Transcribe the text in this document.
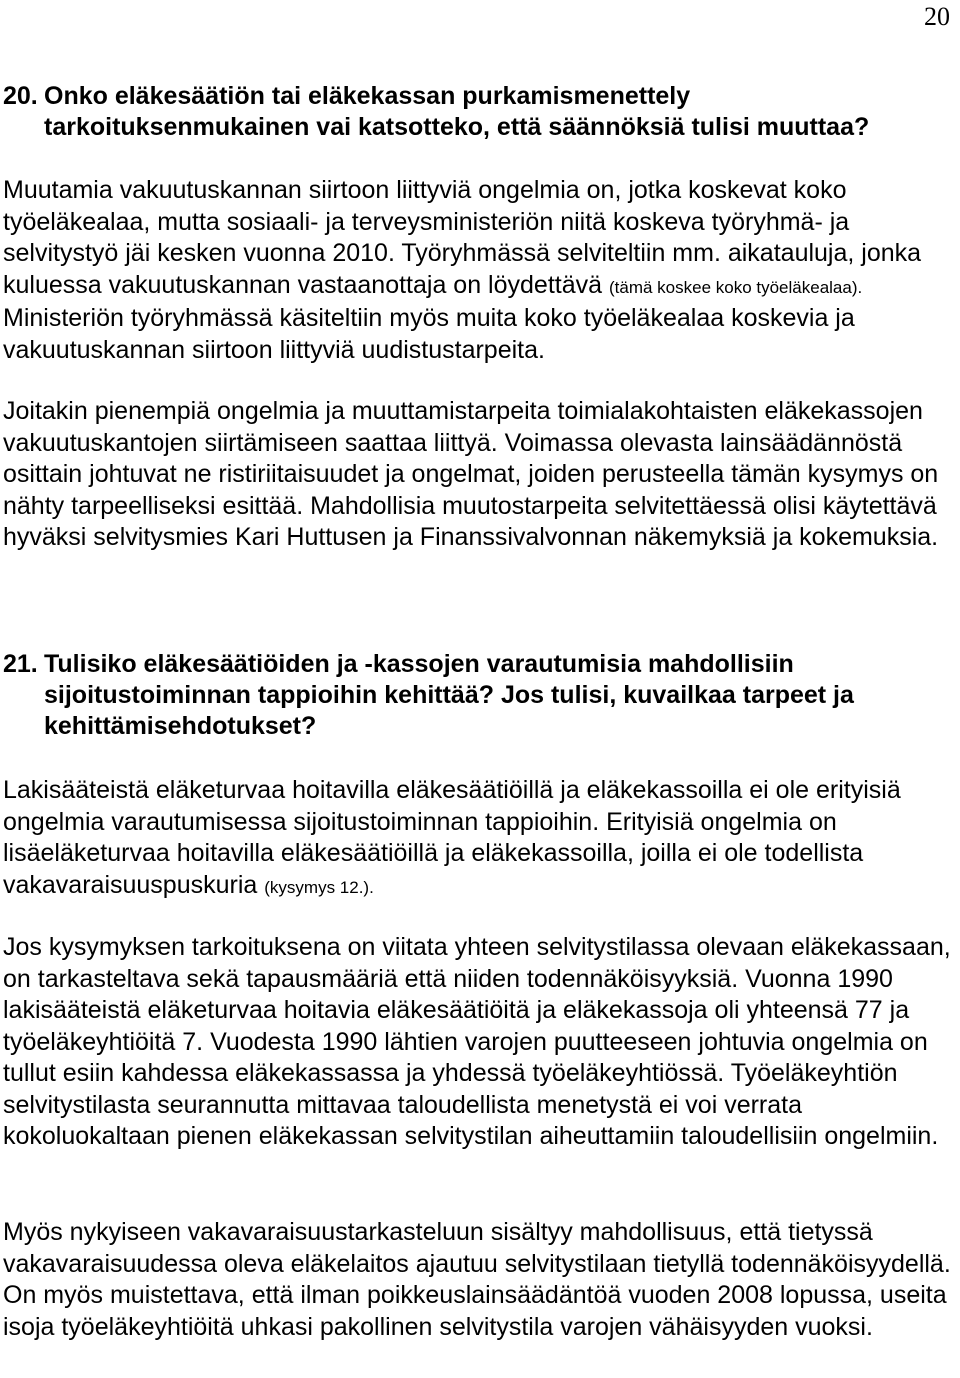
20
20. Onko eläkesäätiön tai eläkekassan purkamismenettely tarkoituksenmukainen vai katsotteko, että säännöksiä tulisi muuttaa?
Muutamia vakuutuskannan siirtoon liittyviä ongelmia on, jotka koskevat koko työeläkealaa, mutta sosiaali- ja terveysministeriön niitä koskeva työryhmä- ja selvitystyö jäi kesken vuonna 2010. Työryhmässä selviteltiin mm. aikatauluja, jonka kuluessa vakuutuskannan vastaanottaja on löydettävä (tämä koskee koko työeläkealaa). Ministeriön työryhmässä käsiteltiin myös muita koko työeläkealaa koskevia ja vakuutuskannan siirtoon liittyviä uudistustarpeita.
Joitakin pienempiä ongelmia ja muuttamistarpeita toimialakohtaisten eläkekassojen vakuutuskantojen siirtämiseen saattaa liittyä. Voimassa olevasta lainsäädännöstä osittain johtuvat ne ristiriitaisuudet ja ongelmat, joiden perusteella tämän kysymys on nähty tarpeelliseksi esittää. Mahdollisia muutostarpeita selvitettäessä olisi käytettävä hyväksi selvitysmies Kari Huttusen ja Finanssivalvonnan näkemyksiä ja kokemuksia.
21. Tulisiko eläkesäätiöiden ja -kassojen varautumisia mahdollisiin sijoitustoiminnan tappioihin kehittää? Jos tulisi, kuvailkaa tarpeet ja kehittämisehdotukset?
Lakisääteistä eläketurvaa hoitavilla eläkesäätiöillä ja eläkekassoilla ei ole erityisiä ongelmia varautumisessa sijoitustoiminnan tappioihin. Erityisiä ongelmia on lisäeläketurvaa hoitavilla eläkesäätiöillä ja eläkekassoilla, joilla ei ole todellista vakavaraisuuspuskuria (kysymys 12.).
Jos kysymyksen tarkoituksena on viitata yhteen selvitystilassa olevaan eläkekassaan, on tarkasteltava sekä tapausmääriä että niiden todennäköisyyksiä. Vuonna 1990 lakisääteistä eläketurvaa hoitavia eläkesäätiöitä ja eläkekassoja oli yhteensä 77 ja työeläkeyhtiöitä 7. Vuodesta 1990 lähtien varojen puutteeseen johtuvia ongelmia on tullut esiin kahdessa eläkekassassa ja yhdessä työeläkeyhtiössä. Työeläkeyhtiön selvitystilasta seurannutta mittavaa taloudellista menetystä ei voi verrata kokoluokaltaan pienen eläkekassan selvitystilan aiheuttamiin taloudellisiin ongelmiin.
Myös nykyiseen vakavaraisuustarkasteluun sisältyy mahdollisuus, että tietyssä vakavaraisuudessa oleva eläkelaitos ajautuu selvitystilaan tietyllä todennäköisyydellä. On myös muistettava, että ilman poikkeuslainsäädäntöä vuoden 2008 lopussa, useita isoja työeläkeyhtiöitä uhkasi pakollinen selvitystila varojen vähäisyyden vuoksi.
